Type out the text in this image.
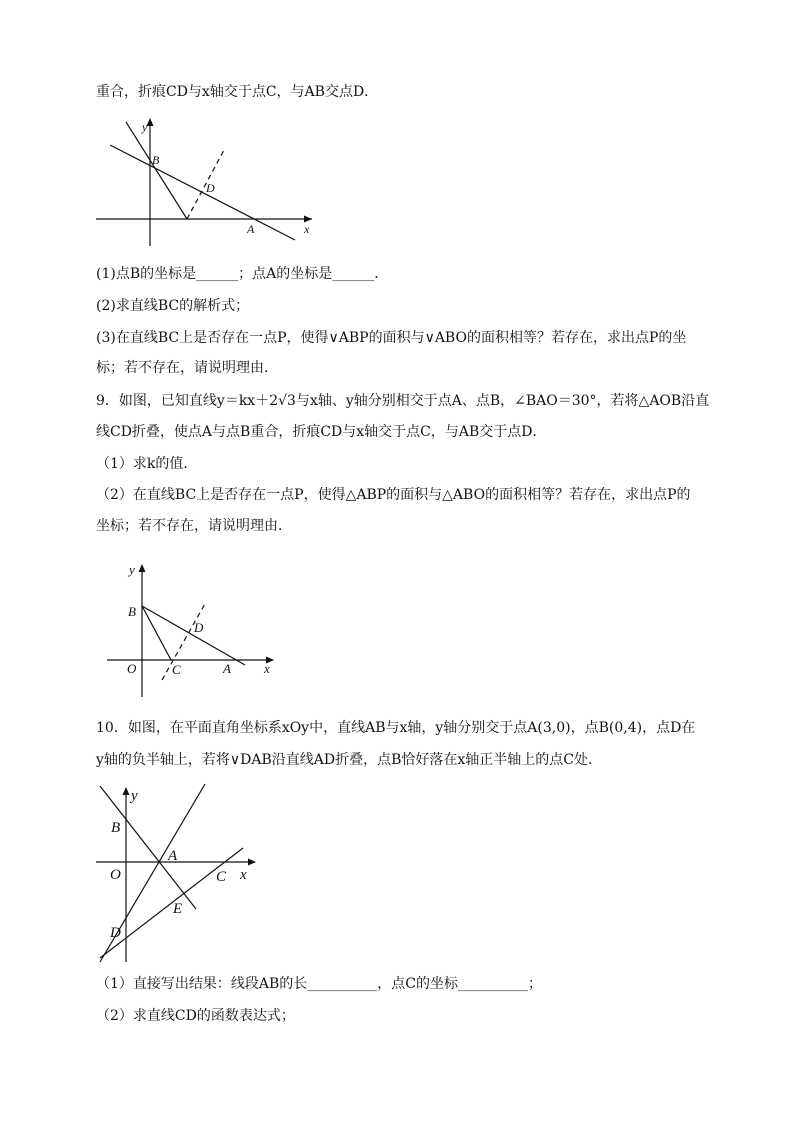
重合，折痕CD与x轴交于点C，与AB交点D．
y
x
B
D
A
(1)点B的坐标是______；点A的坐标是______．
(2)求直线BC的解析式；
(3)在直线BC上是否存在一点P，使得∨ABP的面积与∨ABO的面积相等？若存在，求出点P的坐
标；若不存在，请说明理由．
9．如图，已知直线y＝kx＋2√3与x轴、y轴分别相交于点A、点B，∠BAO＝30°，若将△AOB沿直
线CD折叠，使点A与点B重合，折痕CD与x轴交于点C，与AB交于点D．
（1）求k的值．
（2）在直线BC上是否存在一点P，使得△ABP的面积与△ABO的面积相等？若存在，求出点P的
坐标；若不存在，请说明理由．
y
x
B
D
O	C	A
10．如图，在平面直角坐标系xOy中，直线AB与x轴，y轴分别交于点A(3,0)，点B(0,4)，点D在
y轴的负半轴上，若将∨DAB沿直线AD折叠，点B恰好落在x轴正半轴上的点C处．
y
x
B
A
O	C
E
D
（1）直接写出结果：线段AB的长__________，点C的坐标__________；
（2）求直线CD的函数表达式；
